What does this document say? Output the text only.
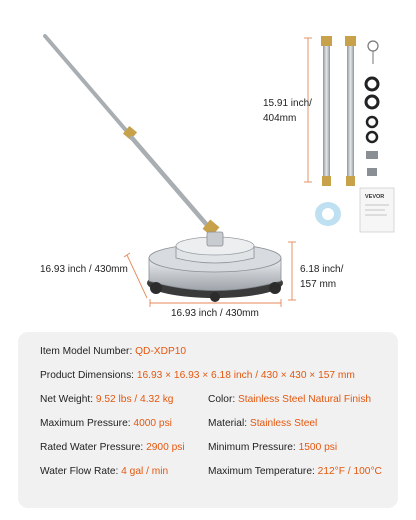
VEVOR
15.91 inch/
404mm
6.18 inch/
157 mm
16.93 inch / 430mm
16.93 inch / 430mm
Item Model Number: QD-XDP10
Product Dimensions: 16.93 × 16.93 × 6.18 inch / 430 × 430 × 157 mm
Net Weight: 9.52 lbs / 4.32 kg	Color: Stainless Steel Natural Finish
Maximum Pressure: 4000 psi	Material: Stainless Steel
Rated Water Pressure: 2900 psi Minimum Pressure: 1500 psi
Water Flow Rate: 4 gal / min	Maximum Temperature: 212°F / 100°C
